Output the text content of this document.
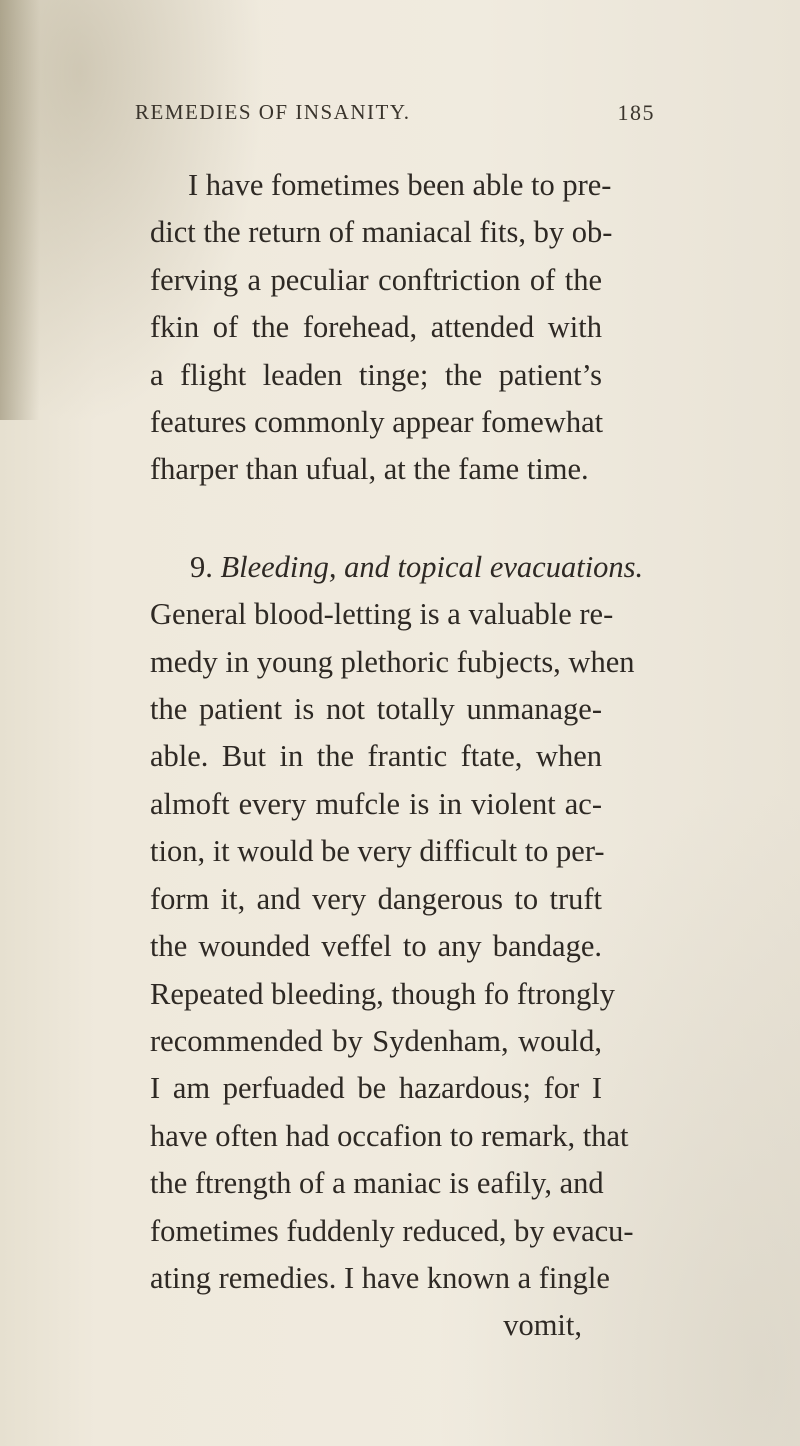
REMEDIES OF INSANITY.	185
I have fometimes been able to pre-
dict the return of maniacal fits, by ob-
ferving a peculiar conftriction of the
fkin of the forehead, attended with
a flight leaden tinge; the patient’s
features commonly appear fomewhat
fharper than ufual, at the fame time.
9. Bleeding, and topical evacuations.
General blood-letting is a valuable re-
medy in young plethoric fubjects, when
the patient is not totally unmanage-
able. But in the frantic ftate, when
almoft every mufcle is in violent ac-
tion, it would be very difficult to per-
form it, and very dangerous to truft
the wounded veffel to any bandage.
Repeated bleeding, though fo ftrongly
recommended by Sydenham, would,
I am perfuaded be hazardous; for I
have often had occafion to remark, that
the ftrength of a maniac is eafily, and
fometimes fuddenly reduced, by evacu-
ating remedies. I have known a fingle
vomit,
